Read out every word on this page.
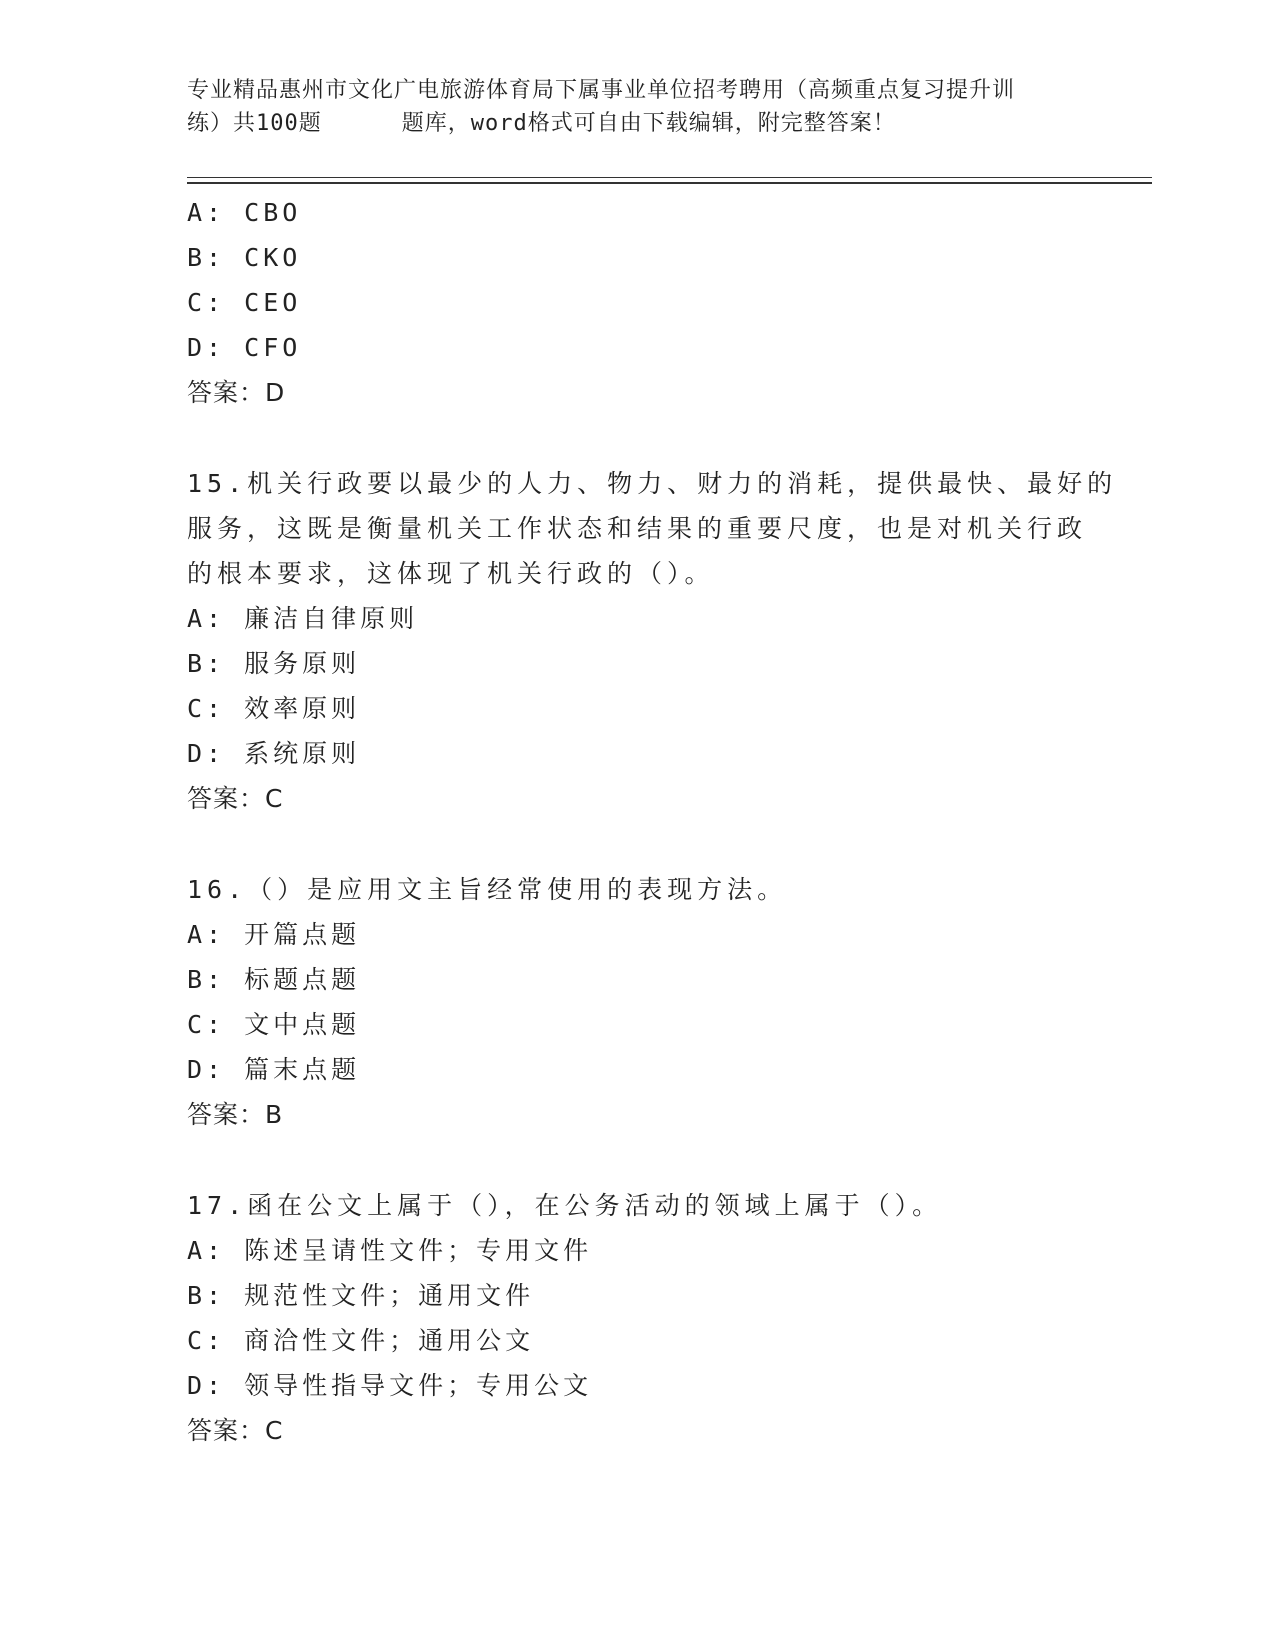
专业精品惠州市文化广电旅游体育局下属事业单位招考聘用（高频重点复习提升训
练）共100题	题库，word格式可自由下载编辑，附完整答案！
A: CBO
B: CKO
C: CEO
D: CFO
答案：D
15.机关行政要以最少的人力、物力、财力的消耗，提供最快、最好的
服务，这既是衡量机关工作状态和结果的重要尺度，也是对机关行政
的根本要求，这体现了机关行政的（）。
A: 廉洁自律原则
B: 服务原则
C: 效率原则
D: 系统原则
答案：C
16.（）是应用文主旨经常使用的表现方法。
A: 开篇点题
B: 标题点题
C: 文中点题
D: 篇末点题
答案：B
17.函在公文上属于（），在公务活动的领域上属于（）。
A: 陈述呈请性文件；专用文件
B: 规范性文件；通用文件
C: 商洽性文件；通用公文
D: 领导性指导文件；专用公文
答案：C
